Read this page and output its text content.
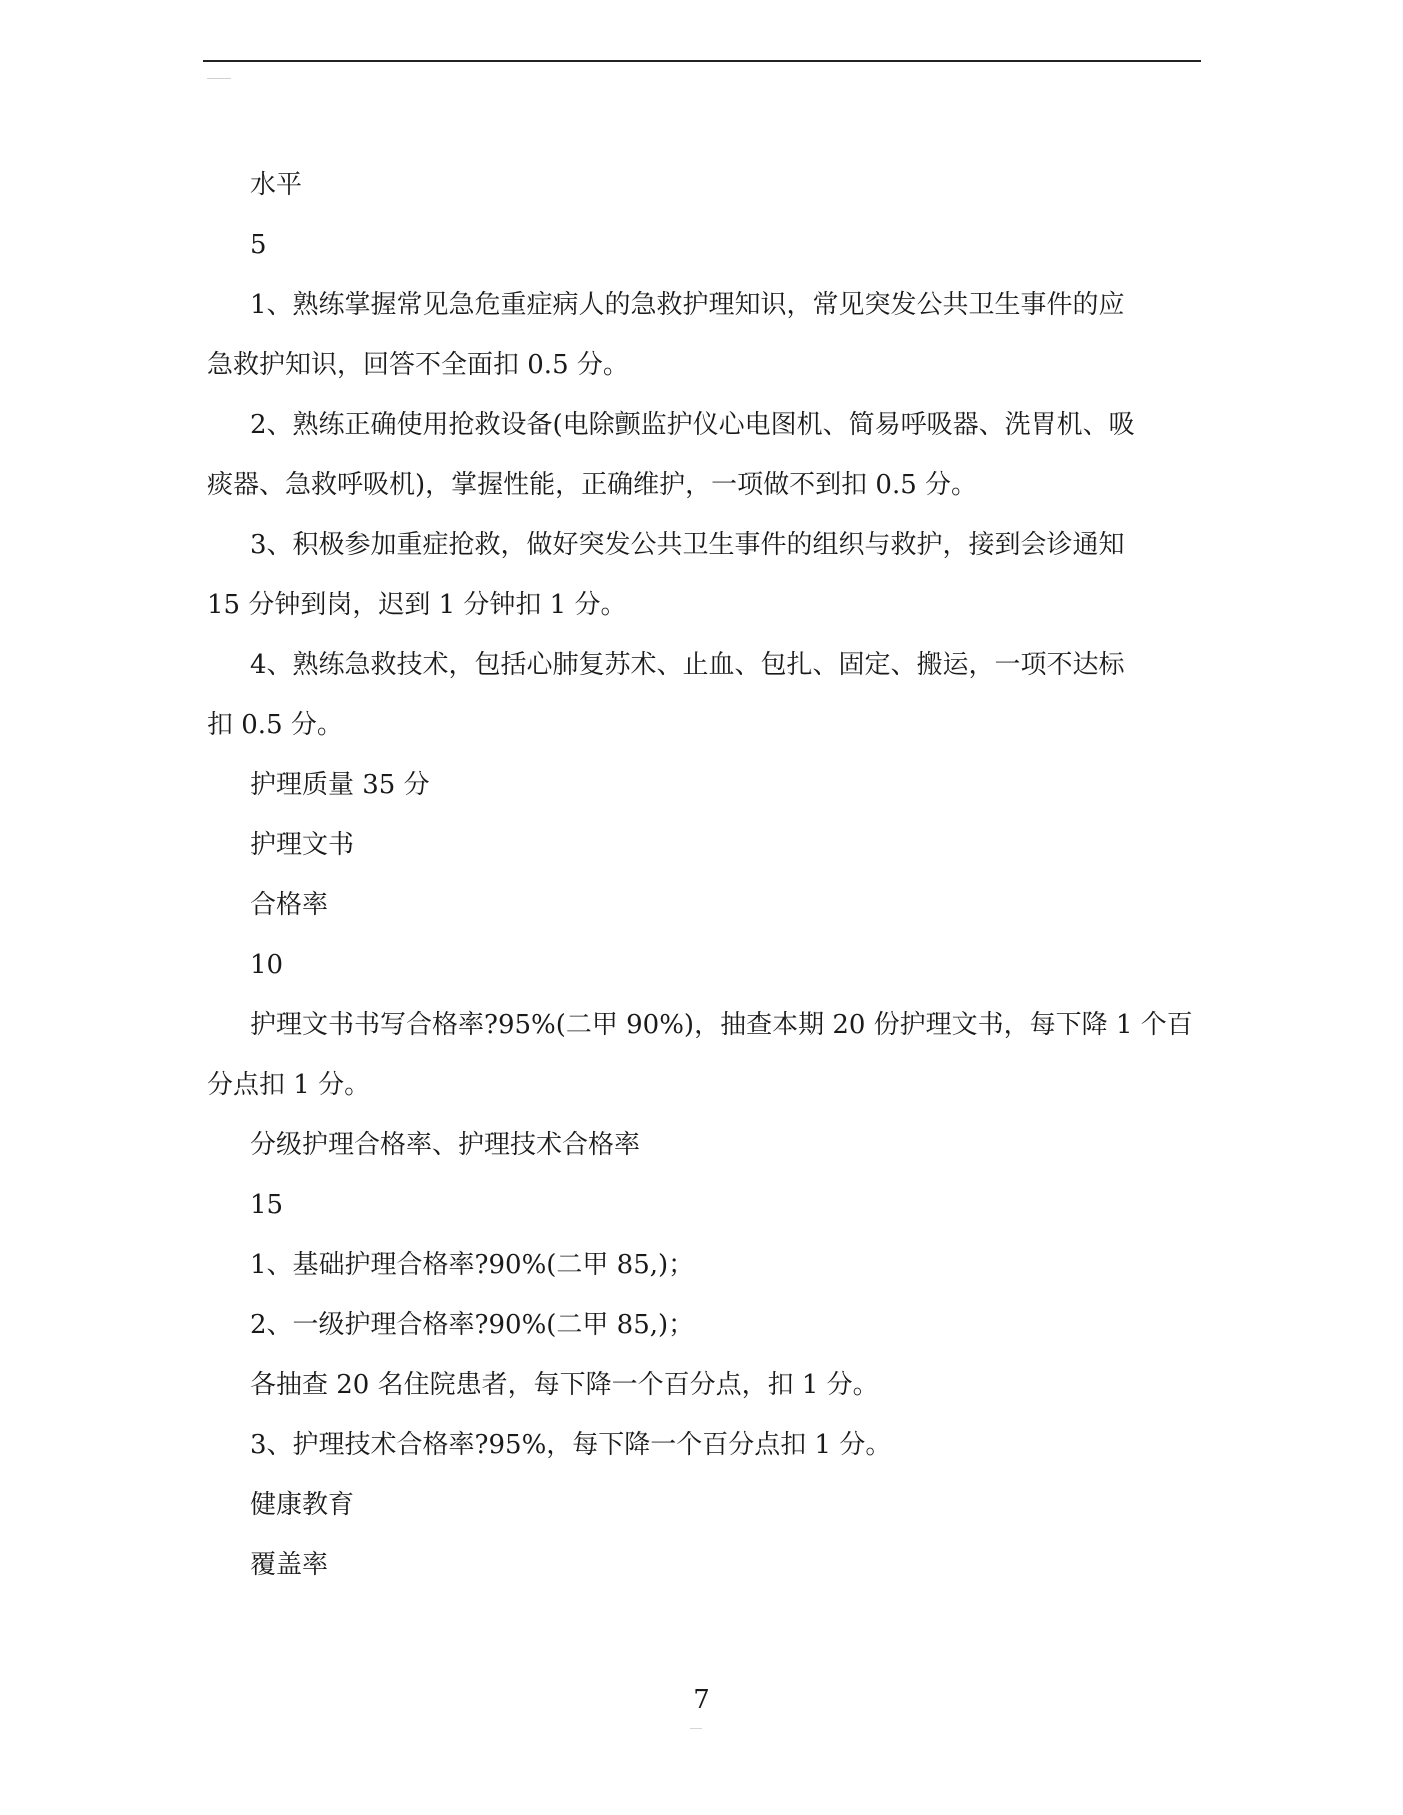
水平

5

1、熟练掌握常见急危重症病人的急救护理知识，常见突发公共卫生事件的应

急救护知识，回答不全面扣 0.5 分。

2、熟练正确使用抢救设备(电除颤监护仪心电图机、简易呼吸器、洗胃机、吸

痰器、急救呼吸机)，掌握性能，正确维护，一项做不到扣 0.5 分。

3、积极参加重症抢救，做好突发公共卫生事件的组织与救护，接到会诊通知

15 分钟到岗，迟到 1 分钟扣 1 分。

4、熟练急救技术，包括心肺复苏术、止血、包扎、固定、搬运，一项不达标

扣 0.5 分。

护理质量 35 分

护理文书

合格率

10

护理文书书写合格率?95%(二甲 90%)，抽查本期 20 份护理文书，每下降 1 个百

分点扣 1 分。

分级护理合格率、护理技术合格率

15

1、基础护理合格率?90%(二甲 85,)；

2、一级护理合格率?90%(二甲 85,)；

各抽查 20 名住院患者，每下降一个百分点，扣 1 分。

3、护理技术合格率?95%，每下降一个百分点扣 1 分。

健康教育

覆盖率

7
